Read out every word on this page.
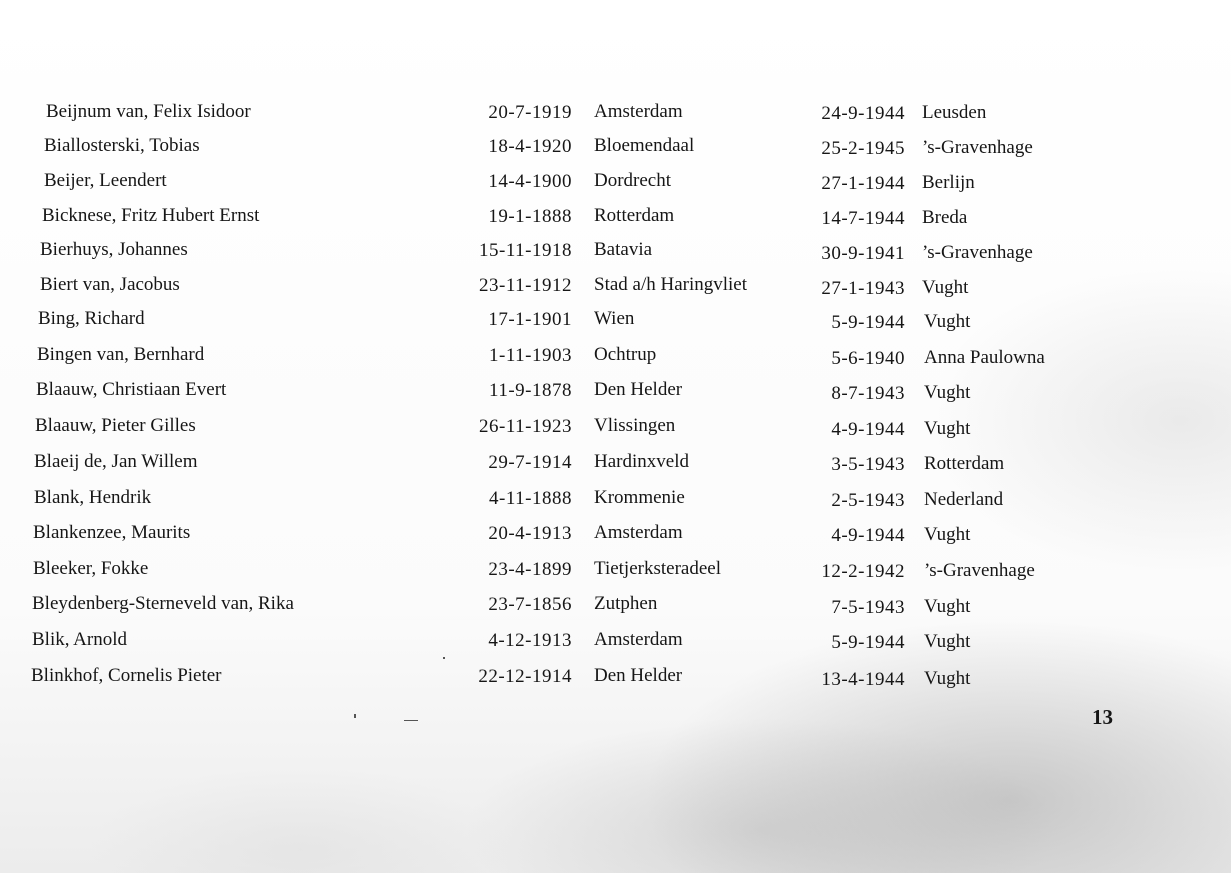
Beijnum van, Felix Isidoor	20-7-1919 Amsterdam	24-9-1944 Leusden
Biallosterski, Tobias	18-4-1920 Bloemendaal	25-2-1945 ’s-Gravenhage
Beijer, Leendert	14-4-1900 Dordrecht	27-1-1944 Berlijn
Bicknese, Fritz Hubert Ernst	19-1-1888 Rotterdam	14-7-1944 Breda
Bierhuys, Johannes	15-11-1918 Batavia	30-9-1941 ’s-Gravenhage
Biert van, Jacobus	23-11-1912 Stad a/h Haringvliet	27-1-1943 Vught
Bing, Richard	17-1-1901 Wien	5-9-1944 Vught
Bingen van, Bernhard	1-11-1903 Ochtrup	5-6-1940 Anna Paulowna
Blaauw, Christiaan Evert	11-9-1878 Den Helder	8-7-1943 Vught
Blaauw, Pieter Gilles	26-11-1923 Vlissingen	4-9-1944 Vught
Blaeij de, Jan Willem	29-7-1914 Hardinxveld	3-5-1943 Rotterdam
Blank, Hendrik	4-11-1888 Krommenie	2-5-1943 Nederland
Blankenzee, Maurits	20-4-1913 Amsterdam	4-9-1944 Vught
Bleeker, Fokke	23-4-1899 Tietjerksteradeel	12-2-1942 ’s-Gravenhage
Bleydenberg-Sterneveld van, Rika	23-7-1856 Zutphen	7-5-1943 Vught
Blik, Arnold	4-12-1913 Amsterdam	5-9-1944 Vught
Blinkhof, Cornelis Pieter	22-12-1914 Den Helder	13-4-1944 Vught
13
